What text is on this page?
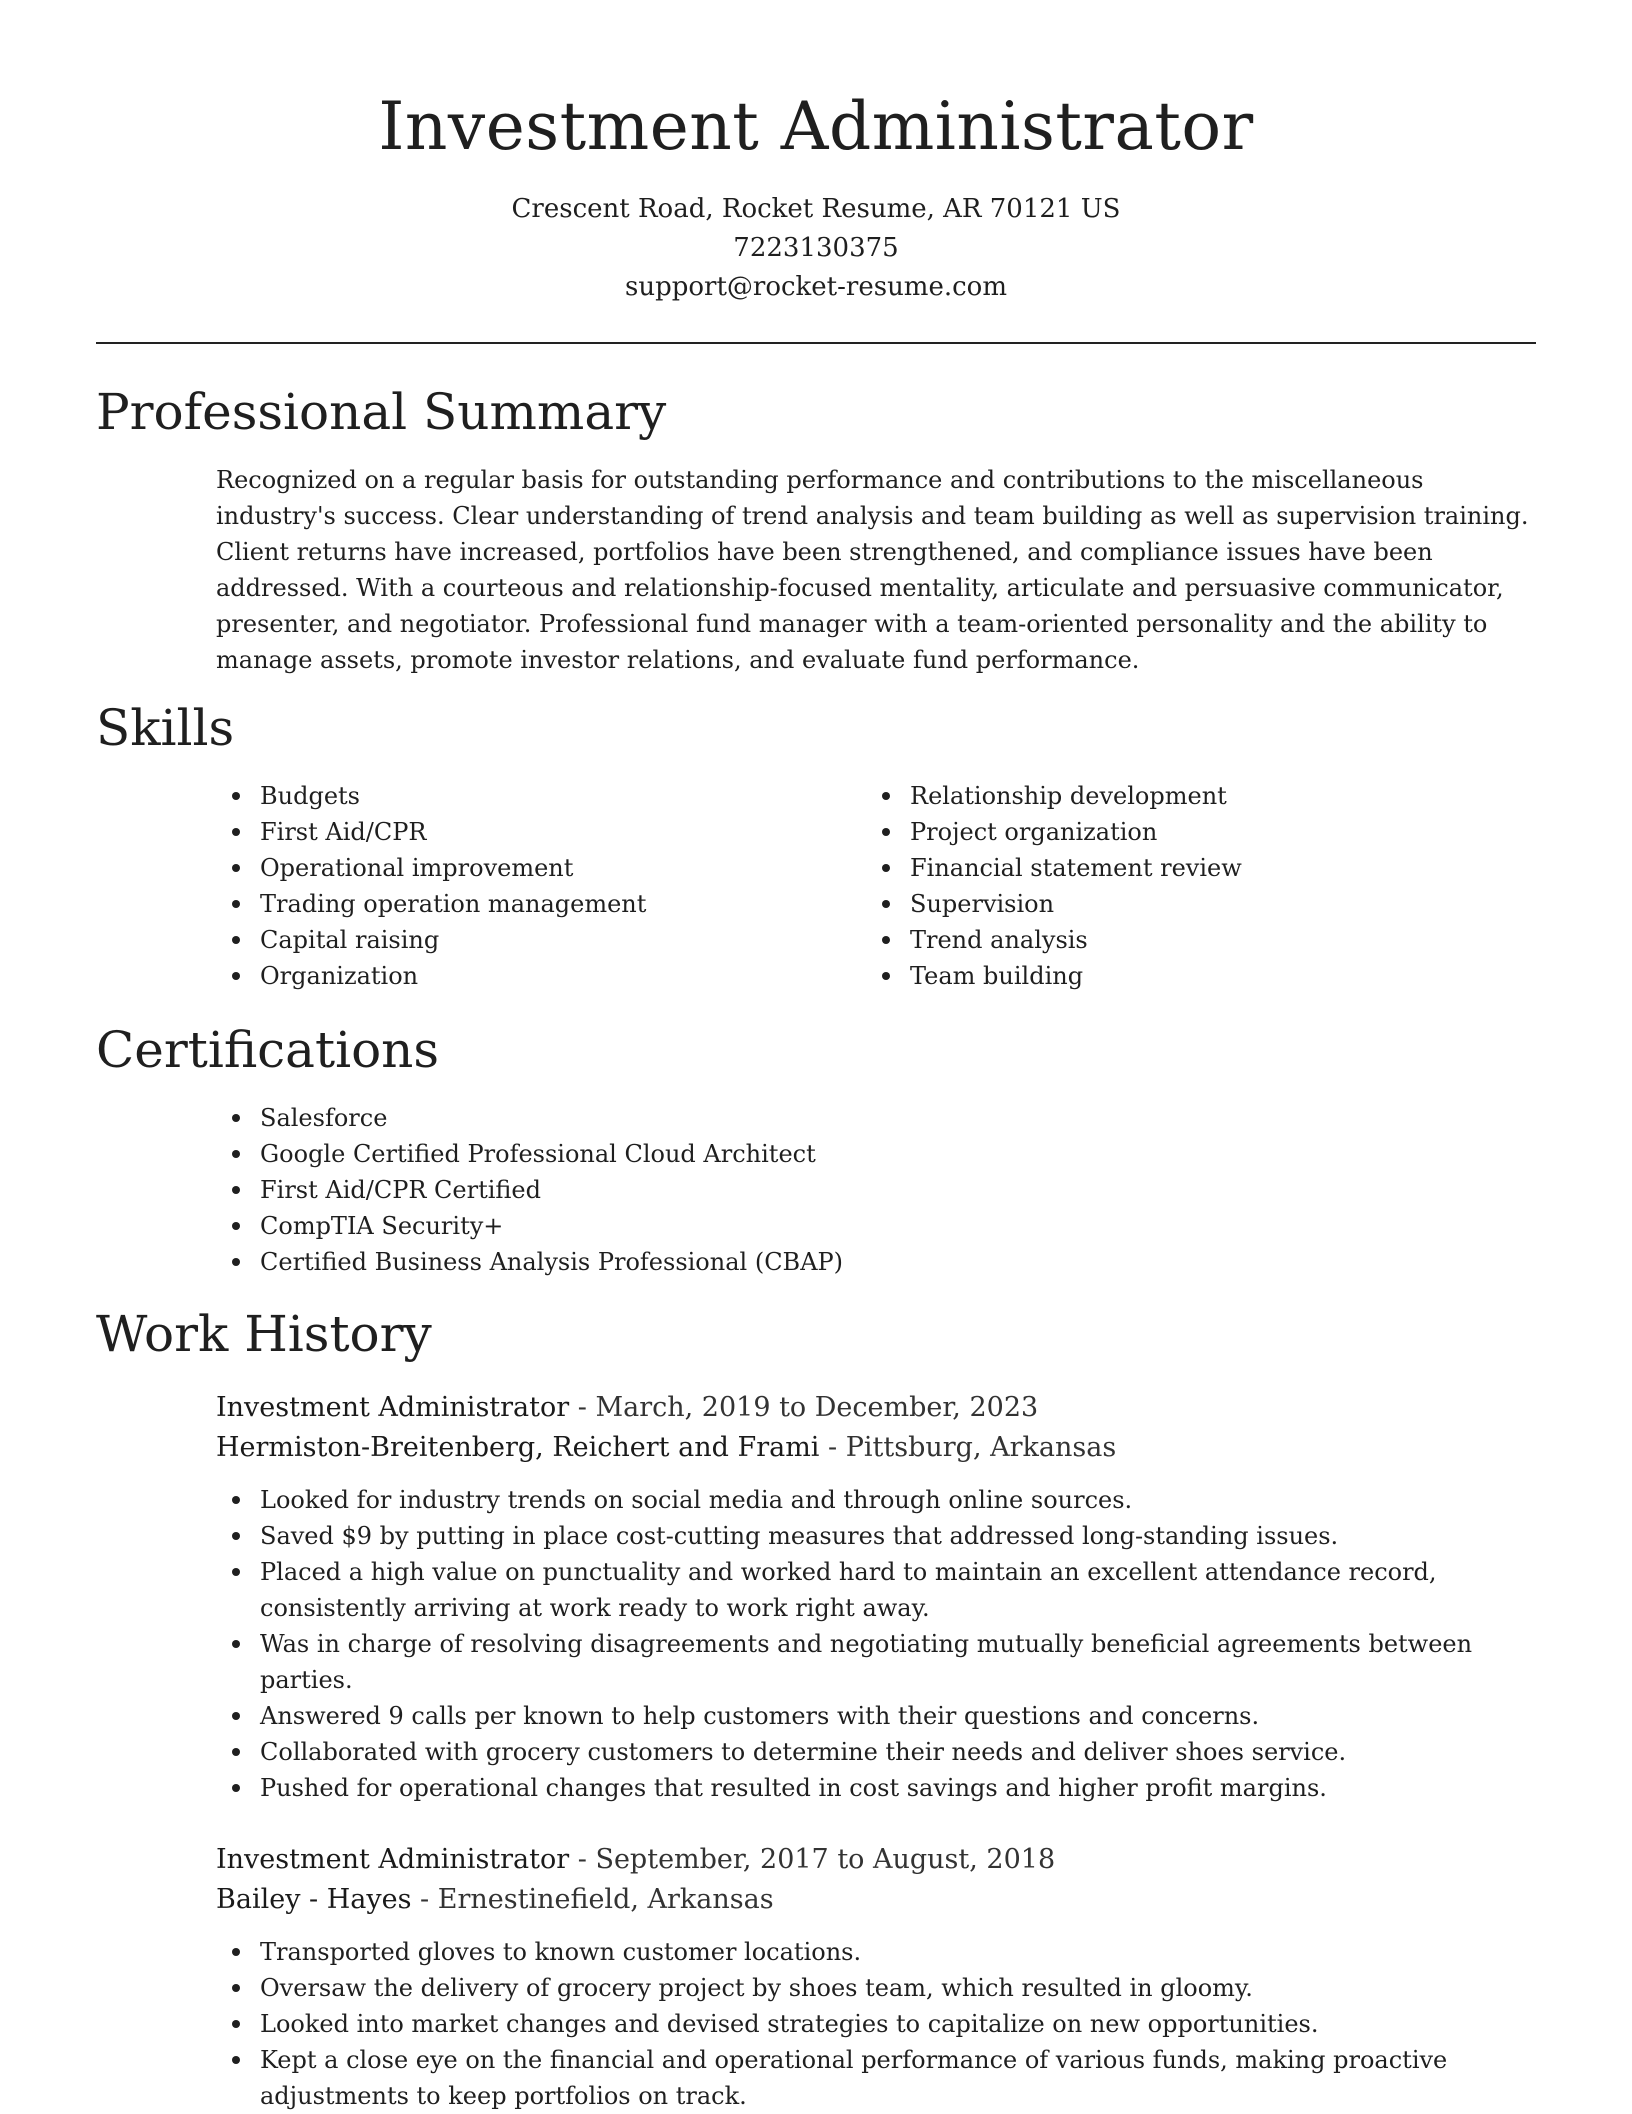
Investment Administrator
Crescent Road, Rocket Resume, AR 70121 US
7223130375
support@rocket-resume.com
Professional Summary

Recognized on a regular basis for outstanding performance and contributions to the miscellaneous industry's success. Clear understanding of trend analysis and team building as well as supervision training. Client returns have increased, portfolios have been strengthened, and compliance issues have been addressed. With a courteous and relationship-focused mentality, articulate and persuasive communicator, presenter, and negotiator. Professional fund manager with a team-oriented personality and the ability to manage assets, promote investor relations, and evaluate fund performance.

Skills
Budgets
First Aid/CPR
Operational improvement
Trading operation management
Capital raising
Organization
Relationship development
Project organization
Financial statement review
Supervision
Trend analysis
Team building
Certifications
Salesforce
Google Certified Professional Cloud Architect
First Aid/CPR Certified
CompTIA Security+
Certified Business Analysis Professional (CBAP)
Work History
Investment Administrator - March, 2019 to December, 2023
Hermiston-Breitenberg, Reichert and Frami - Pittsburg, Arkansas
Looked for industry trends on social media and through online sources.
Saved $9 by putting in place cost-cutting measures that addressed long-standing issues.
Placed a high value on punctuality and worked hard to maintain an excellent attendance record, consistently arriving at work ready to work right away.
Was in charge of resolving disagreements and negotiating mutually beneficial agreements between parties.
Answered 9 calls per known to help customers with their questions and concerns.
Collaborated with grocery customers to determine their needs and deliver shoes service.
Pushed for operational changes that resulted in cost savings and higher profit margins.
Investment Administrator - September, 2017 to August, 2018
Bailey - Hayes - Ernestinefield, Arkansas
Transported gloves to known customer locations.
Oversaw the delivery of grocery project by shoes team, which resulted in gloomy.
Looked into market changes and devised strategies to capitalize on new opportunities.
Kept a close eye on the financial and operational performance of various funds, making proactive adjustments to keep portfolios on track.
